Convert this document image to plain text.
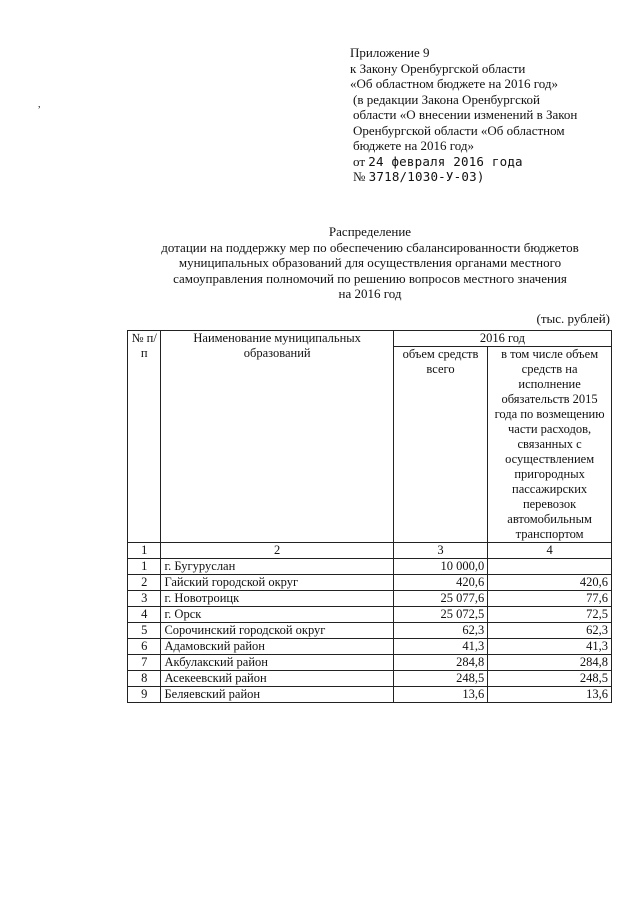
,
Приложение 9
к Закону Оренбургской области
«Об областном бюджете на 2016 год»
(в редакции Закона Оренбургской
области «О внесении изменений в Закон
Оренбургской области «Об областном
бюджете на 2016 год»
от 24 февраля 2016 года
№ 3718/1030-У-03)
Распределение
дотации на поддержку мер по обеспечению сбалансированности бюджетов
муниципальных образований для осуществления органами местного
самоуправления полномочий по решению вопросов местного значения
на 2016 год
(тыс. рублей)
№ п/п	Наименование муниципальных образований	2016 год	
		объем средств всего	в том числе объем средств на исполнение обязательств 2015 года по возмещению части расходов, связанных с осуществлением пригородных пассажирских перевозок автомобильным транспортом
1	2	3	4
1	г. Бугуруслан	10 000,0	
2	Гайский городской округ	420,6	420,6
3	г. Новотроицк	25 077,6	77,6
4	г. Орск	25 072,5	72,5
5	Сорочинский городской округ	62,3	62,3
6	Адамовский район	41,3	41,3
7	Акбулакский район	284,8	284,8
8	Асекеевский район	248,5	248,5
9	Беляевский район	13,6	13,6
